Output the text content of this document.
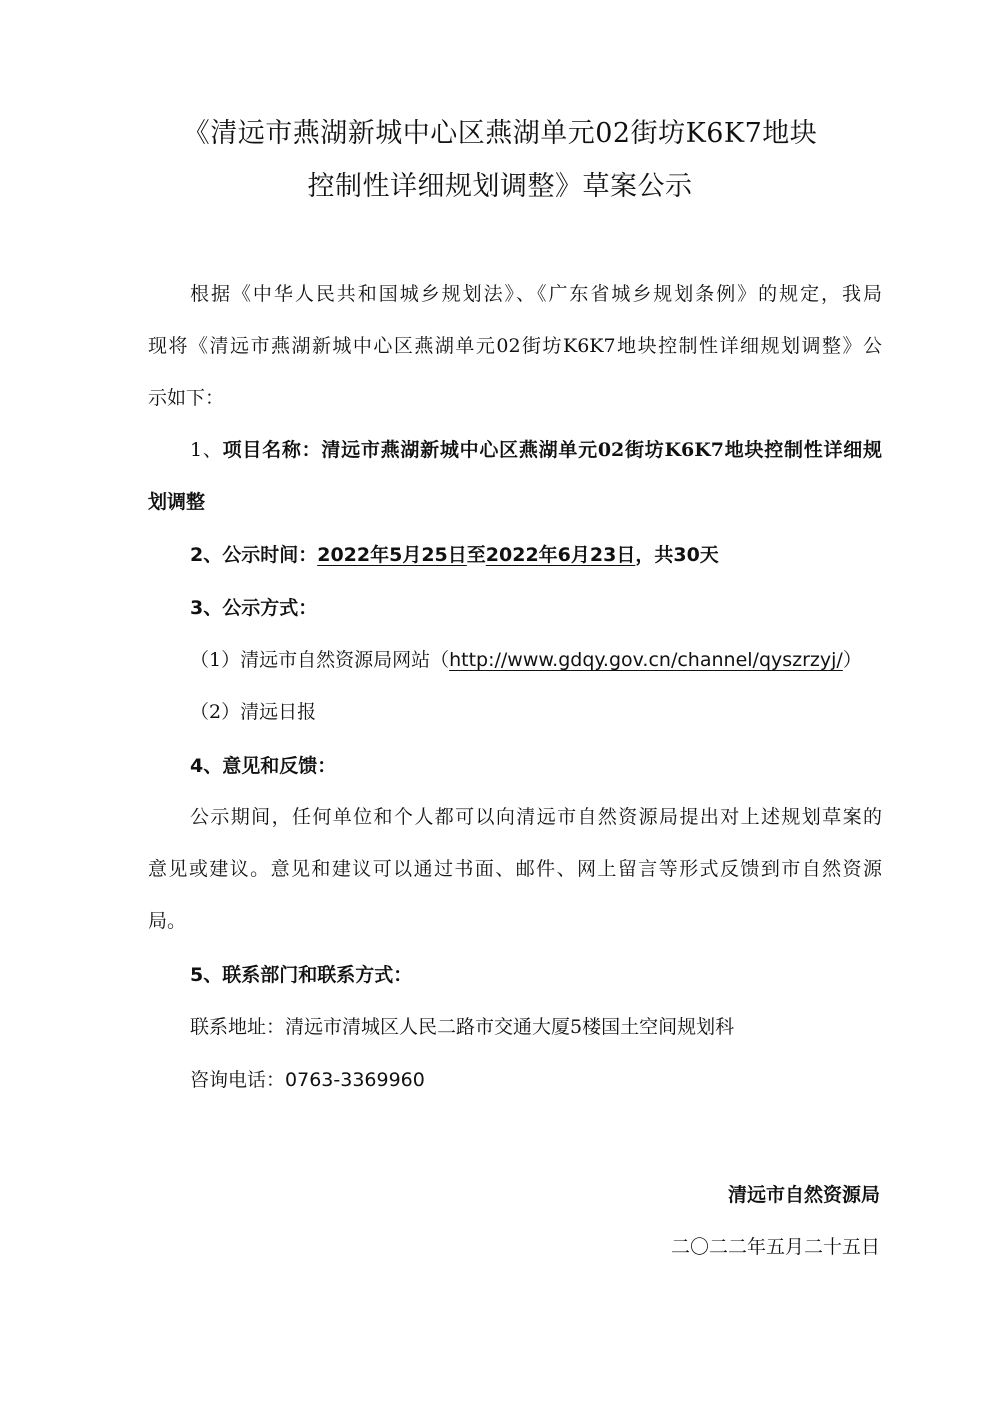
《清远市燕湖新城中心区燕湖单元02街坊K6K7地块
控制性详细规划调整》草案公示
根据《中华人民共和国城乡规划法》、《广东省城乡规划条例》的规定，我局
现将《清远市燕湖新城中心区燕湖单元02街坊K6K7地块控制性详细规划调整》公
示如下：
1、项目名称：清远市燕湖新城中心区燕湖单元02街坊K6K7地块控制性详细规
划调整
2、公示时间：2022年5月25日至2022年6月23日，共30天
3、公示方式：
（1）清远市自然资源局网站（http://www.gdqy.gov.cn/channel/qyszrzyj/）
（2）清远日报
4、意见和反馈：
公示期间，任何单位和个人都可以向清远市自然资源局提出对上述规划草案的
意见或建议。意见和建议可以通过书面、邮件、网上留言等形式反馈到市自然资源
局。
5、联系部门和联系方式：
联系地址：清远市清城区人民二路市交通大厦5楼国土空间规划科
咨询电话：0763-3369960
清远市自然资源局
二〇二二年五月二十五日
